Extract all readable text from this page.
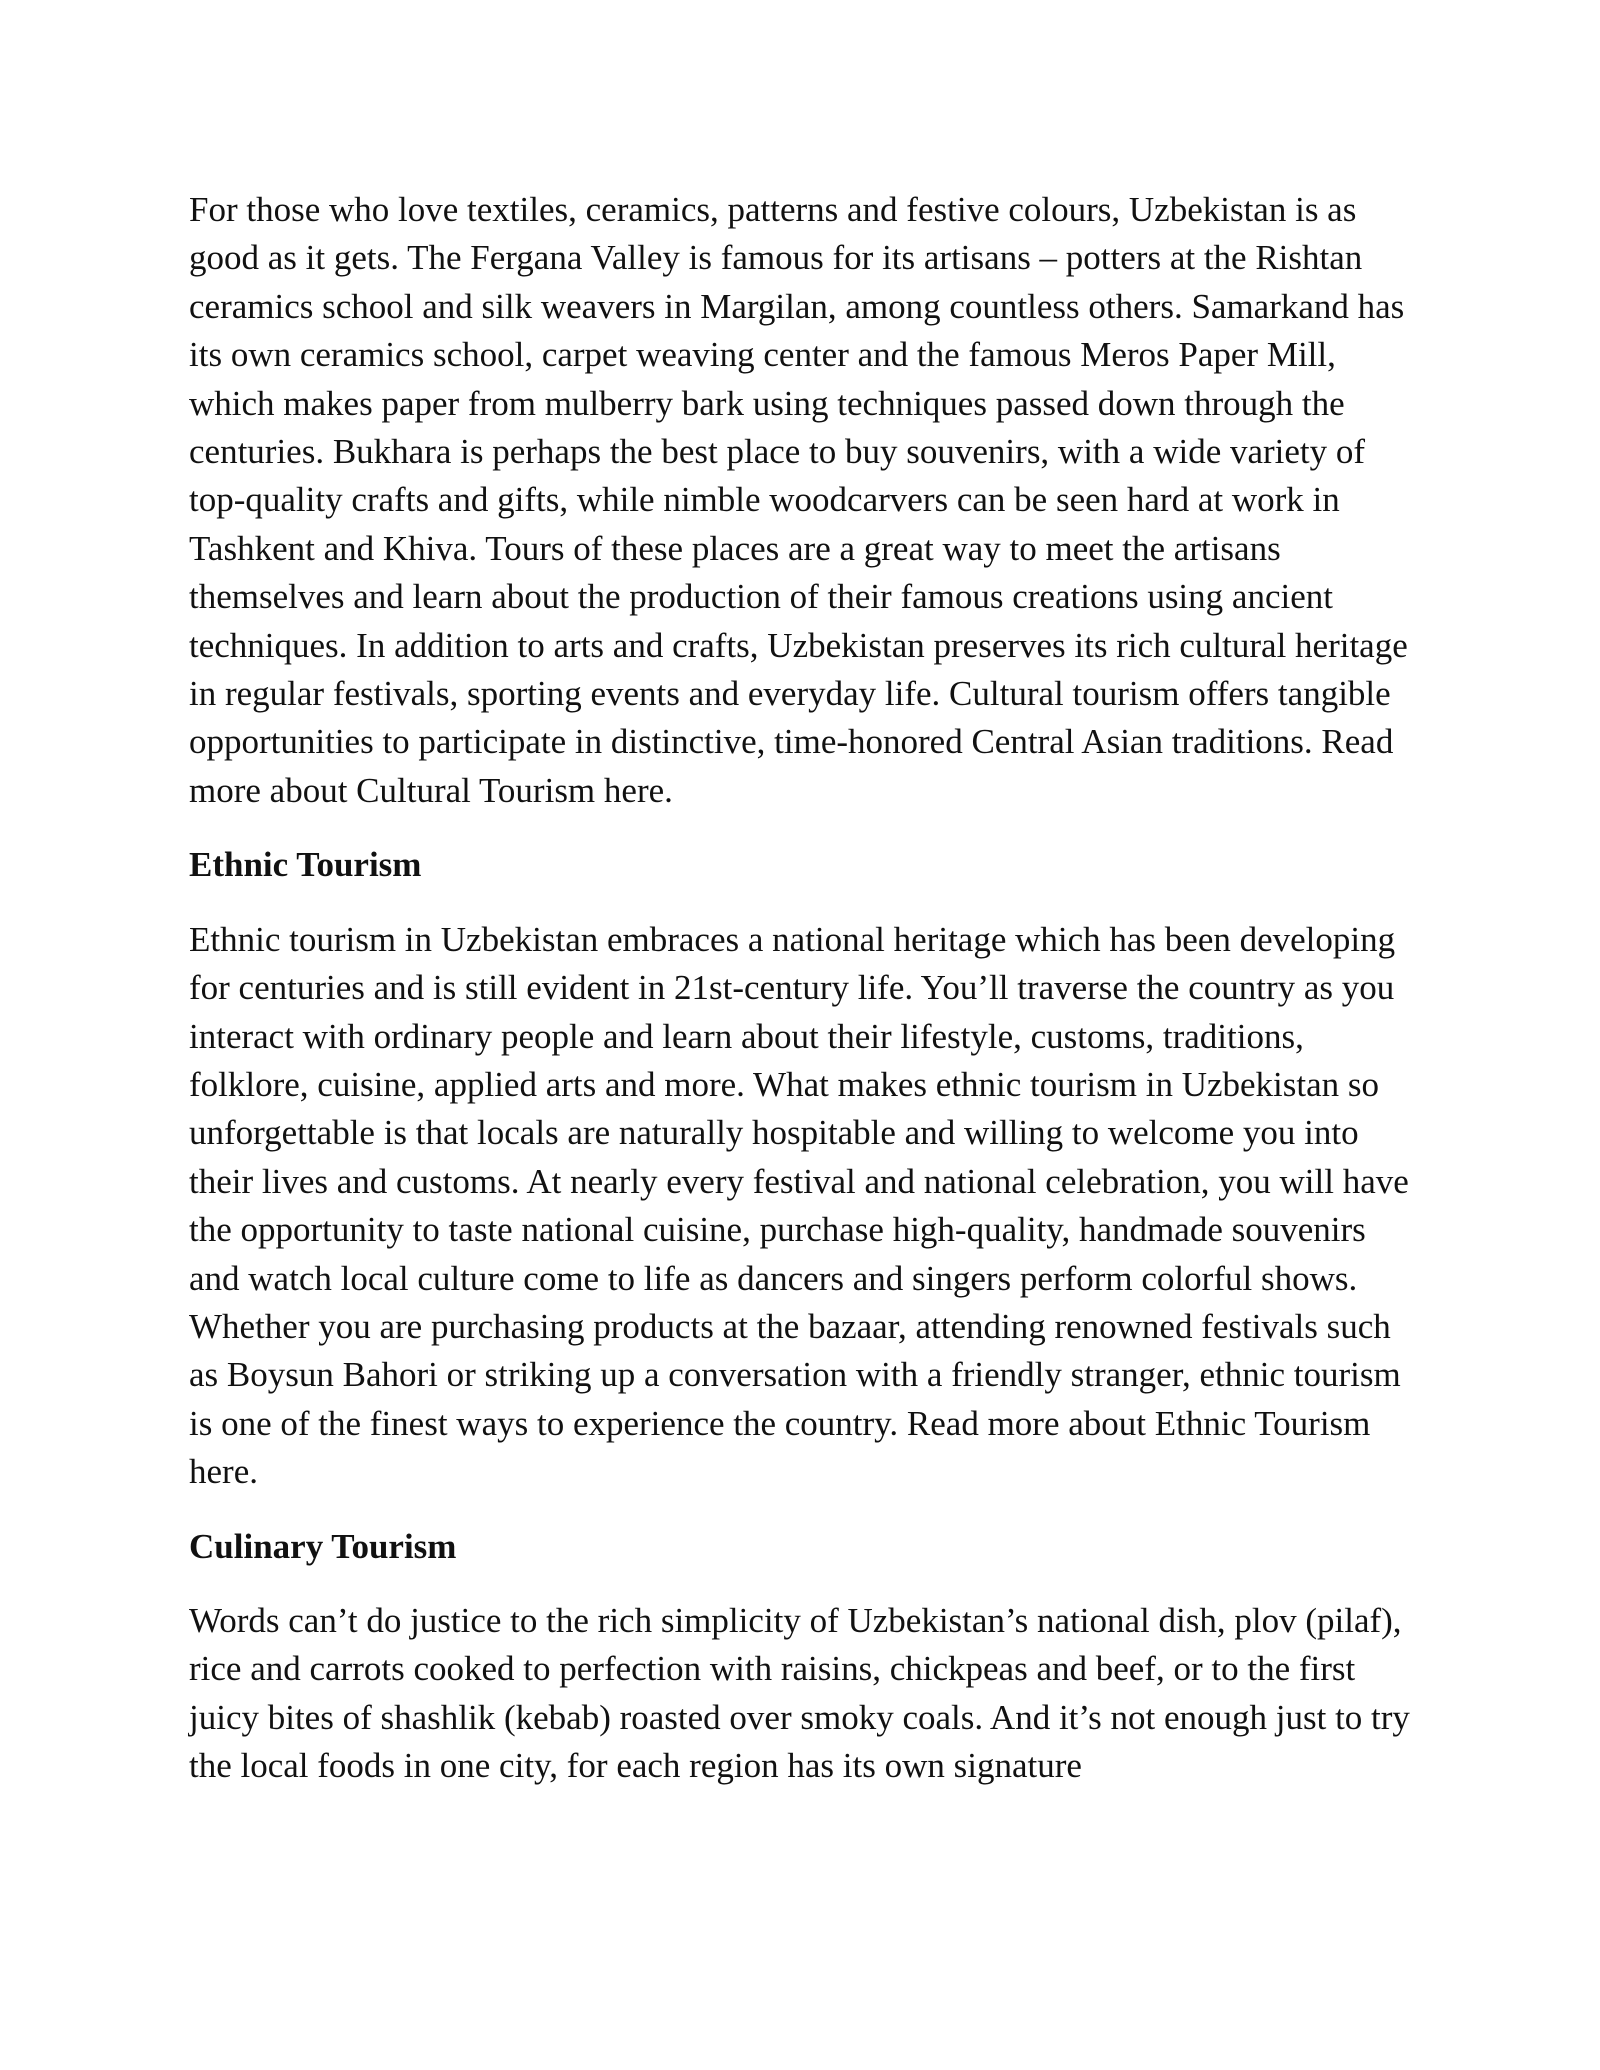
For those who love textiles, ceramics, patterns and festive colours, Uzbekistan is as good as it gets. The Fergana Valley is famous for its artisans – potters at the Rishtan ceramics school and silk weavers in Margilan, among countless others. Samarkand has its own ceramics school, carpet weaving center and the famous Meros Paper Mill, which makes paper from mulberry bark using techniques passed down through the centuries. Bukhara is perhaps the best place to buy souvenirs, with a wide variety of top-quality crafts and gifts, while nimble woodcarvers can be seen hard at work in Tashkent and Khiva. Tours of these places are a great way to meet the artisans themselves and learn about the production of their famous creations using ancient techniques. In addition to arts and crafts, Uzbekistan preserves its rich cultural heritage in regular festivals, sporting events and everyday life. Cultural tourism offers tangible opportunities to participate in distinctive, time-honored Central Asian traditions. Read more about Cultural Tourism here.

Ethnic Tourism

Ethnic tourism in Uzbekistan embraces a national heritage which has been developing for centuries and is still evident in 21st-century life. You’ll traverse the country as you interact with ordinary people and learn about their lifestyle, customs, traditions, folklore, cuisine, applied arts and more. What makes ethnic tourism in Uzbekistan so unforgettable is that locals are naturally hospitable and willing to welcome you into their lives and customs. At nearly every festival and national celebration, you will have the opportunity to taste national cuisine, purchase high-quality, handmade souvenirs and watch local culture come to life as dancers and singers perform colorful shows. Whether you are purchasing products at the bazaar, attending renowned festivals such as Boysun Bahori or striking up a conversation with a friendly stranger, ethnic tourism is one of the finest ways to experience the country. Read more about Ethnic Tourism here.

Culinary Tourism

Words can’t do justice to the rich simplicity of Uzbekistan’s national dish, plov (pilaf), rice and carrots cooked to perfection with raisins, chickpeas and beef, or to the first juicy bites of shashlik (kebab) roasted over smoky coals. And it’s not enough just to try the local foods in one city, for each region has its own signature
